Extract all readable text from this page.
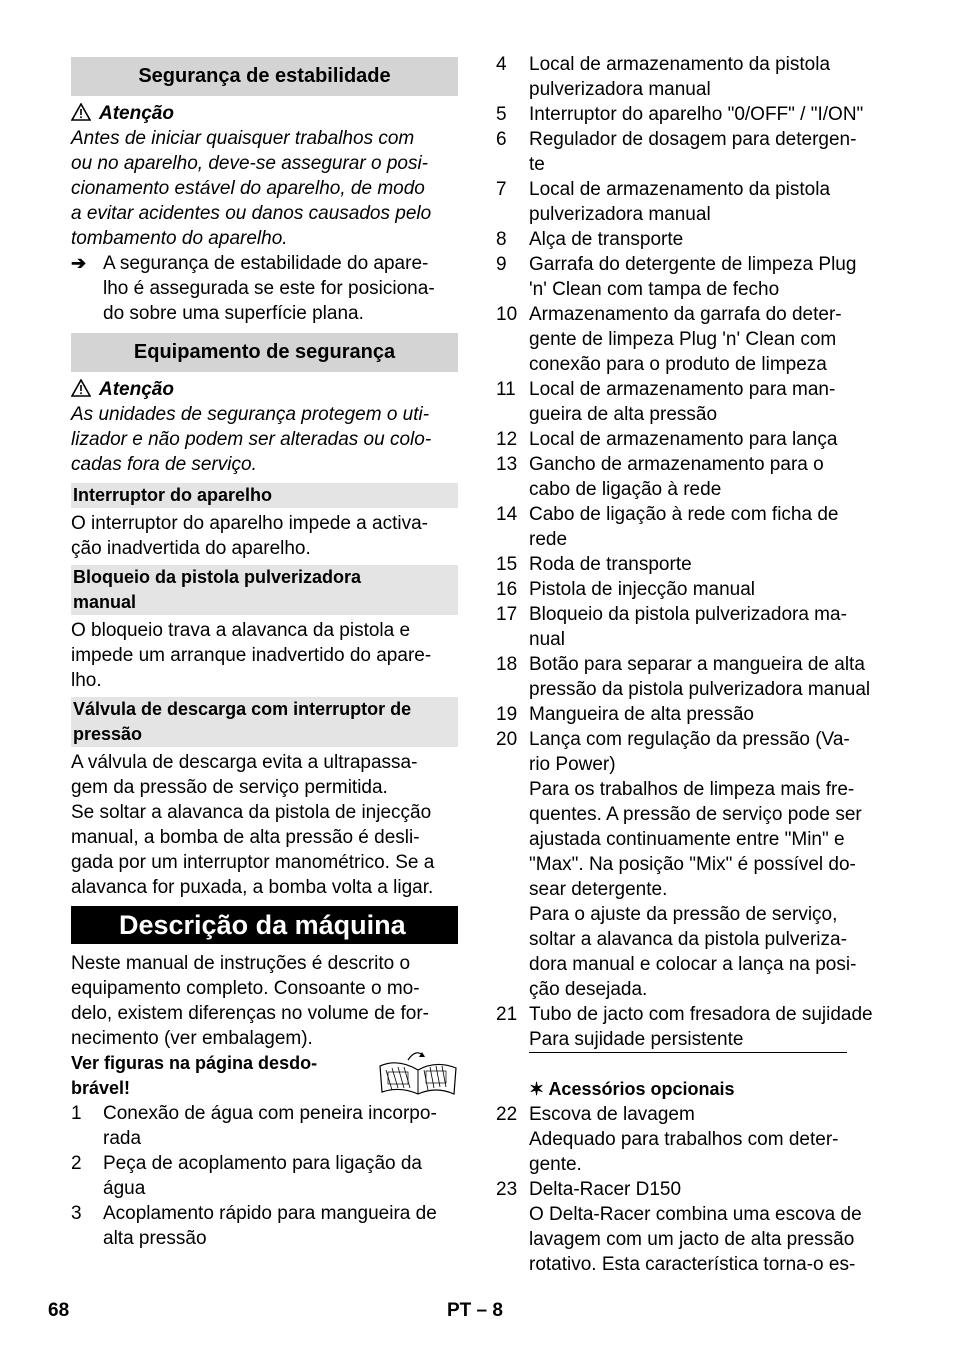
Segurança de estabilidade
Atenção
Antes de iniciar quaisquer trabalhos com
ou no aparelho, deve-se assegurar o posi-
cionamento estável do aparelho, de modo
a evitar acidentes ou danos causados pelo
tombamento do aparelho.
➔ A segurança de estabilidade do apare-
lho é assegurada se este for posiciona-
do sobre uma superfície plana.
Equipamento de segurança
Atenção
As unidades de segurança protegem o uti-
lizador e não podem ser alteradas ou colo-
cadas fora de serviço.
Interruptor do aparelho
O interruptor do aparelho impede a activa-
ção inadvertida do aparelho.
Bloqueio da pistola pulverizadora
manual
O bloqueio trava a alavanca da pistola e
impede um arranque inadvertido do apare-
lho.
Válvula de descarga com interruptor de
pressão
A válvula de descarga evita a ultrapassa-
gem da pressão de serviço permitida.
Se soltar a alavanca da pistola de injecção
manual, a bomba de alta pressão é desli-
gada por um interruptor manométrico. Se a
alavanca for puxada, a bomba volta a ligar.
Descrição da máquina
Neste manual de instruções é descrito o
equipamento completo. Consoante o mo-
delo, existem diferenças no volume de for-
necimento (ver embalagem).
Ver figuras na página desdo-
brável!
1	Conexão de água com peneira incorpo-
rada
2	Peça de acoplamento para ligação da
água
3	Acoplamento rápido para mangueira de
alta pressão
4	Local de armazenamento da pistola
pulverizadora manual
5	Interruptor do aparelho "0/OFF" / "I/ON"
6	Regulador de dosagem para detergen-
te
7	Local de armazenamento da pistola
pulverizadora manual
8	Alça de transporte
9	Garrafa do detergente de limpeza Plug
'n' Clean com tampa de fecho
10 Armazenamento da garrafa do deter-
gente de limpeza Plug 'n' Clean com
conexão para o produto de limpeza
11 Local de armazenamento para man-
gueira de alta pressão
12 Local de armazenamento para lança
13 Gancho de armazenamento para o
cabo de ligação à rede
14 Cabo de ligação à rede com ficha de
rede
15 Roda de transporte
16 Pistola de injecção manual
17 Bloqueio da pistola pulverizadora ma-
nual
18 Botão para separar a mangueira de alta
pressão da pistola pulverizadora manual
19 Mangueira de alta pressão
20 Lança com regulação da pressão (Va-
rio Power)
Para os trabalhos de limpeza mais fre-
quentes. A pressão de serviço pode ser
ajustada continuamente entre "Min" e
"Max". Na posição "Mix" é possível do-
sear detergente.
Para o ajuste da pressão de serviço,
soltar a alavanca da pistola pulveriza-
dora manual e colocar a lança na posi-
ção desejada.
21 Tubo de jacto com fresadora de sujidade
Para sujidade persistente
✶ Acessórios opcionais
22 Escova de lavagem
Adequado para trabalhos com deter-
gente.
23 Delta-Racer D150
O Delta-Racer combina uma escova de
lavagem com um jacto de alta pressão
rotativo. Esta característica torna-o es-
68	PT – 8
